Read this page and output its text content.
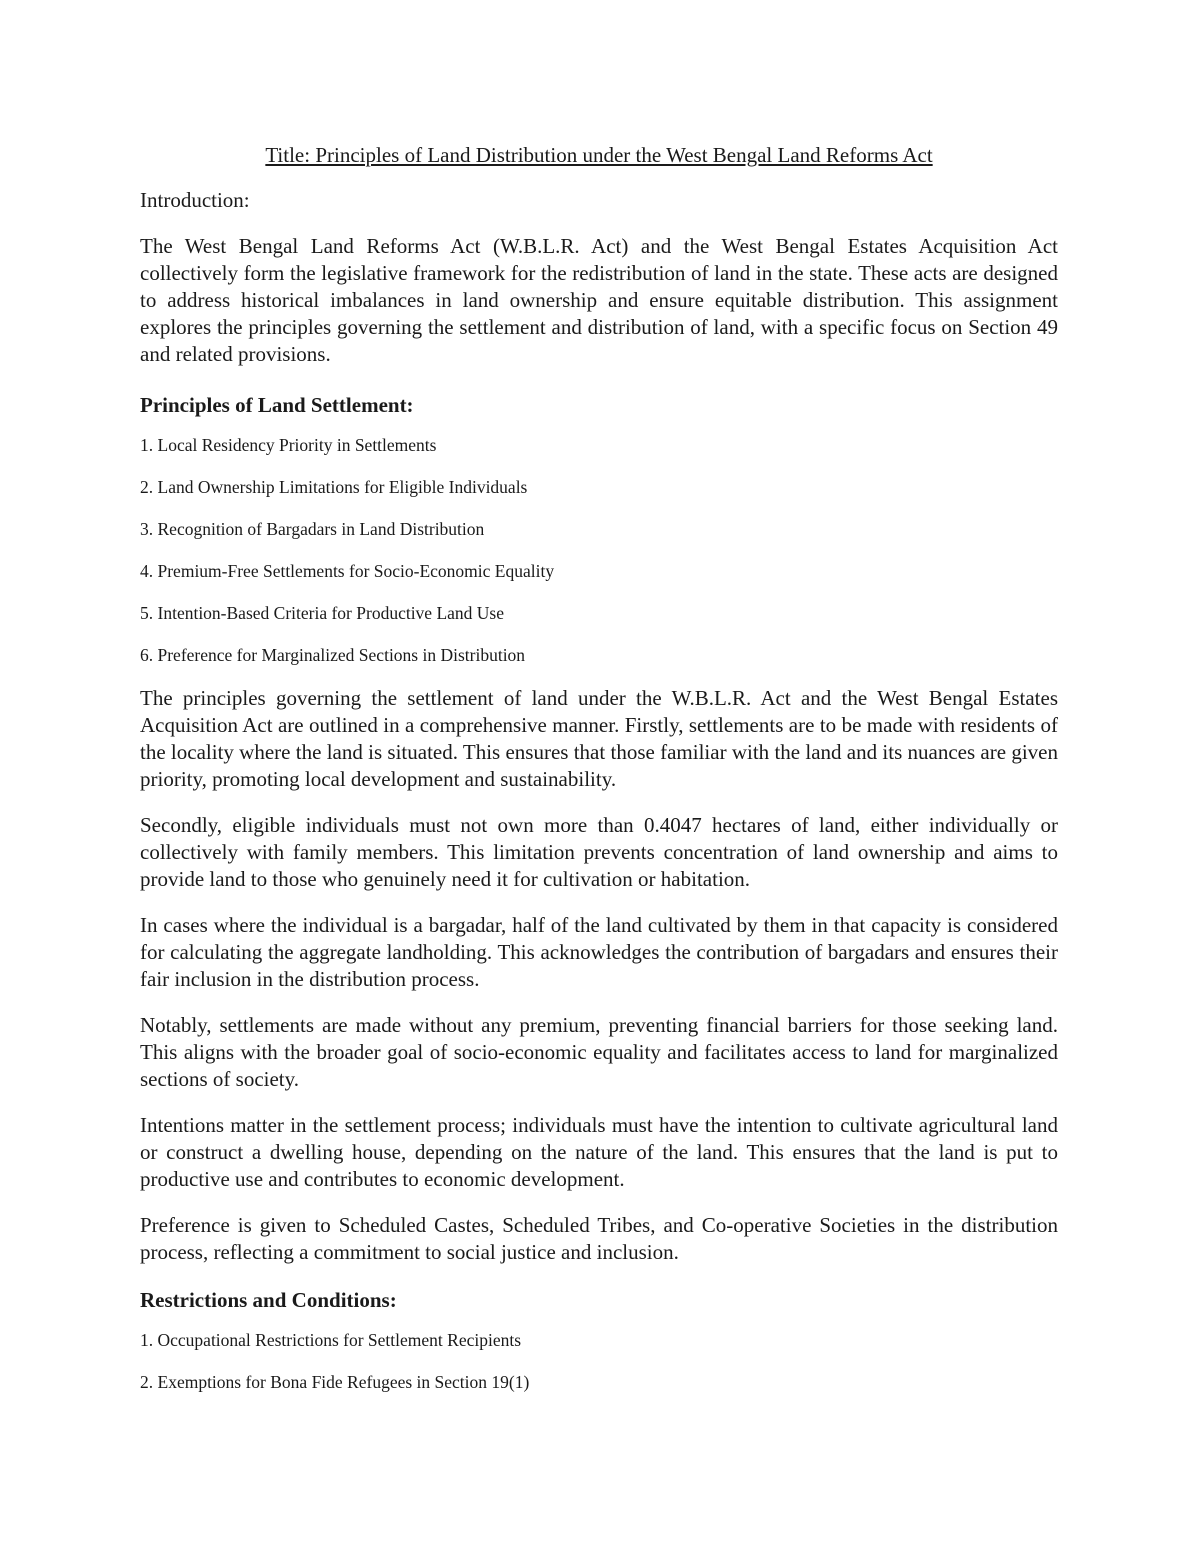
Title: Principles of Land Distribution under the West Bengal Land Reforms Act
Introduction:

The West Bengal Land Reforms Act (W.B.L.R. Act) and the West Bengal Estates Acquisition Act collectively form the legislative framework for the redistribution of land in the state. These acts are designed to address historical imbalances in land ownership and ensure equitable distribution. This assignment explores the principles governing the settlement and distribution of land, with a specific focus on Section 49 and related provisions.

Principles of Land Settlement:
1. Local Residency Priority in Settlements
2. Land Ownership Limitations for Eligible Individuals
3. Recognition of Bargadars in Land Distribution
4. Premium-Free Settlements for Socio-Economic Equality
5. Intention-Based Criteria for Productive Land Use
6. Preference for Marginalized Sections in Distribution

The principles governing the settlement of land under the W.B.L.R. Act and the West Bengal Estates Acquisition Act are outlined in a comprehensive manner. Firstly, settlements are to be made with residents of the locality where the land is situated. This ensures that those familiar with the land and its nuances are given priority, promoting local development and sustainability.

Secondly, eligible individuals must not own more than 0.4047 hectares of land, either individually or collectively with family members. This limitation prevents concentration of land ownership and aims to provide land to those who genuinely need it for cultivation or habitation.

In cases where the individual is a bargadar, half of the land cultivated by them in that capacity is considered for calculating the aggregate landholding. This acknowledges the contribution of bargadars and ensures their fair inclusion in the distribution process.

Notably, settlements are made without any premium, preventing financial barriers for those seeking land. This aligns with the broader goal of socio-economic equality and facilitates access to land for marginalized sections of society.

Intentions matter in the settlement process; individuals must have the intention to cultivate agricultural land or construct a dwelling house, depending on the nature of the land. This ensures that the land is put to productive use and contributes to economic development.

Preference is given to Scheduled Castes, Scheduled Tribes, and Co-operative Societies in the distribution process, reflecting a commitment to social justice and inclusion.

Restrictions and Conditions:
1. Occupational Restrictions for Settlement Recipients
2. Exemptions for Bona Fide Refugees in Section 19(1)
